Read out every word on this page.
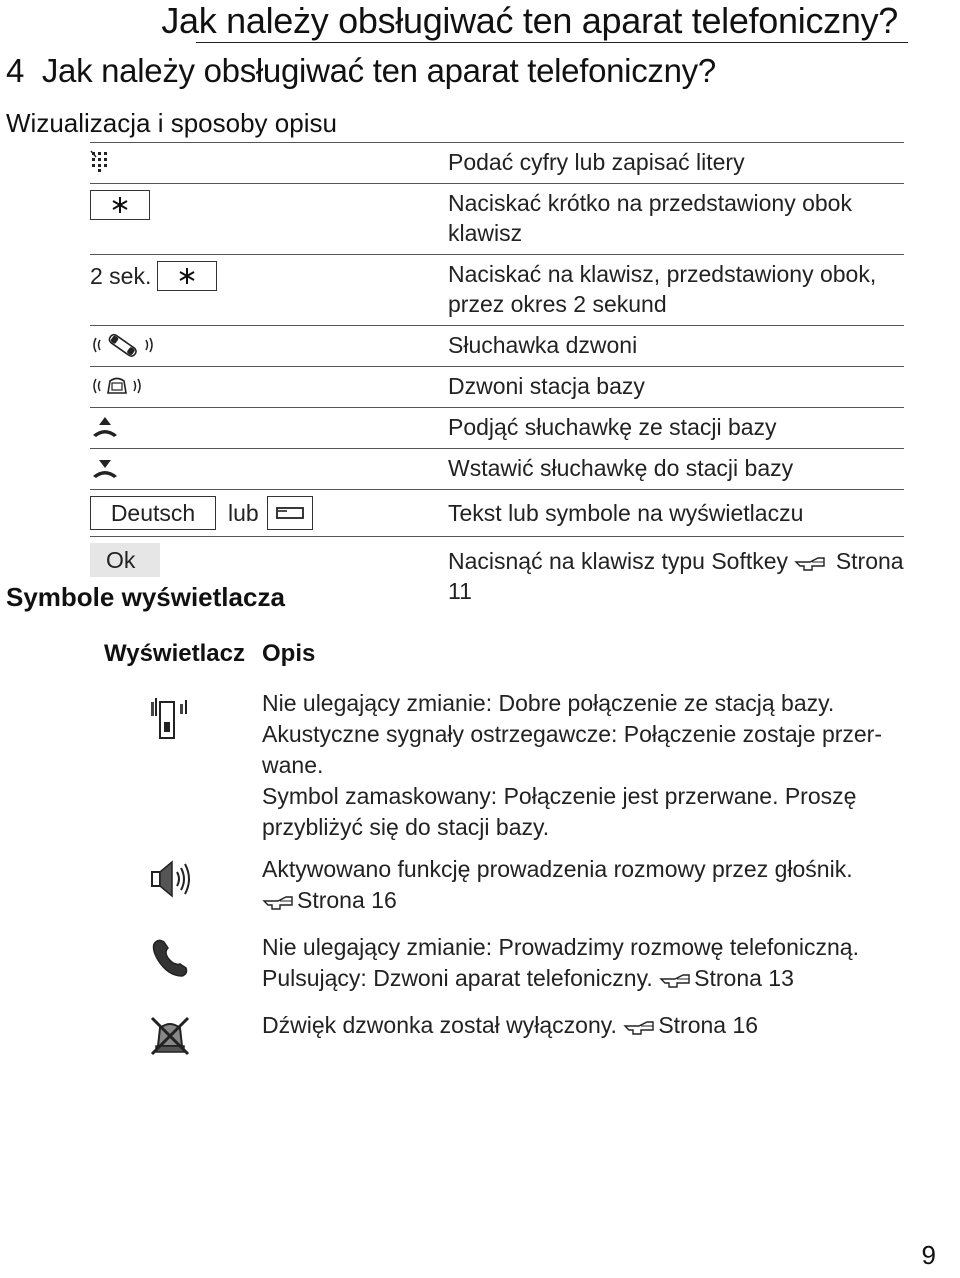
Jak należy obsługiwać ten aparat telefoniczny?
4 Jak należy obsługiwać ten aparat telefoniczny?
Wizualizacja i sposoby opisu
Podać cyfry lub zapisać litery
Naciskać krótko na przedstawiony obok klawisz
2 sek.	Naciskać na klawisz, przedstawiony obok, przez okres 2 sekund
Słuchawka dzwoni
Dzwoni stacja bazy
Podjąć słuchawkę ze stacji bazy
Wstawić słuchawkę do stacji bazy
Deutsch lub	Tekst lub symbole na wyświetlaczu
Ok	Nacisnąć na klawisz typu Softkey Strona 11
Symbole wyświetlacza
Wyświetlacz Opis
Nie ulegający zmianie: Dobre połączenie ze stacją bazy.
Akustyczne sygnały ostrzegawcze: Połączenie zostaje przer-
wane.
Symbol zamaskowany: Połączenie jest przerwane. Proszę
przybliżyć się do stacji bazy.
Aktywowano funkcję prowadzenia rozmowy przez głośnik.
Strona 16
Nie ulegający zmianie: Prowadzimy rozmowę telefoniczną.
Pulsujący: Dzwoni aparat telefoniczny. Strona 13
Dźwięk dzwonka został wyłączony. Strona 16
9
